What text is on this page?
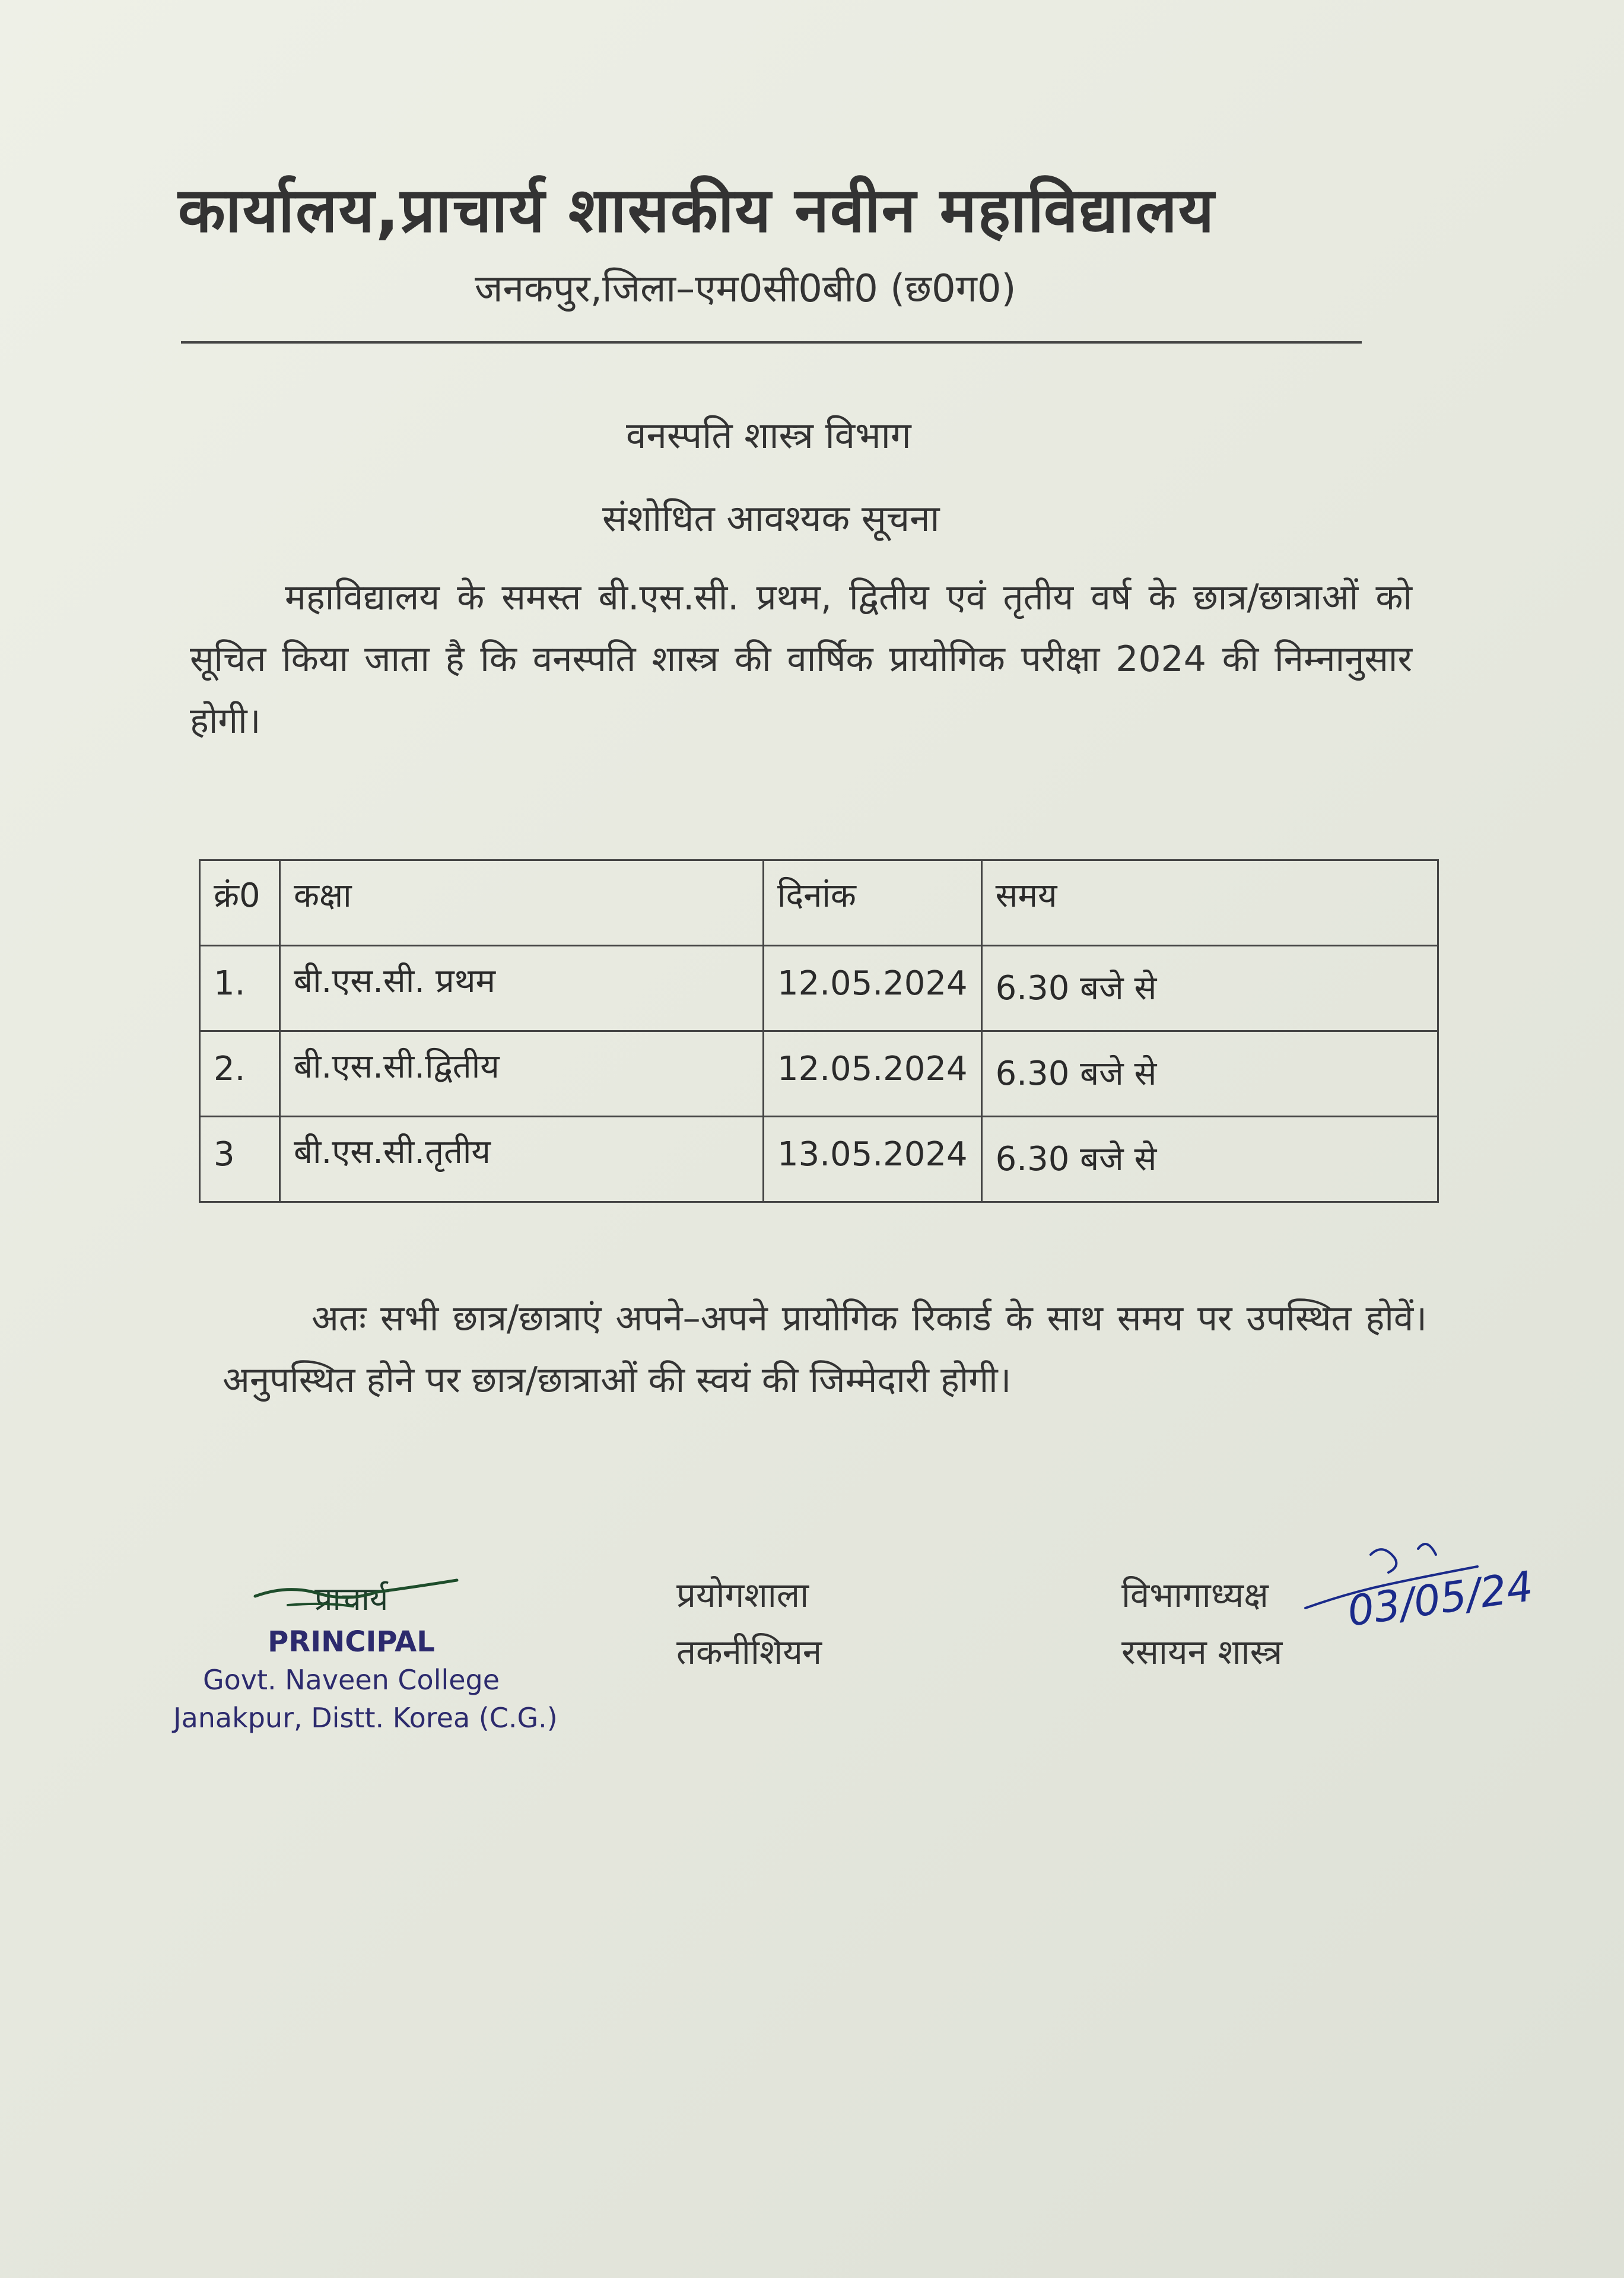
कार्यालय,प्राचार्य शासकीय नवीन महाविद्यालय
जनकपुर,जिला–एम0सी0बी0 (छ0ग0)
वनस्पति शास्त्र विभाग
संशोधित आवश्यक सूचना
महाविद्यालय के समस्त बी.एस.सी. प्रथम, द्वितीय एवं तृतीय वर्ष के छात्र/छात्राओं को सूचित किया जाता है कि वनस्पति शास्त्र की वार्षिक प्रायोगिक परीक्षा 2024 की निम्नानुसार होगी।
क्रं0	कक्षा	दिनांक	समय
1.	बी.एस.सी. प्रथम	12.05.2024	6.30 बजे से
2.	बी.एस.सी.द्वितीय	12.05.2024	6.30 बजे से
3	बी.एस.सी.तृतीय	13.05.2024	6.30 बजे से
अतः सभी छात्र/छात्राएं अपने–अपने प्रायोगिक रिकार्ड के साथ समय पर उपस्थित होवें। अनुपस्थित होने पर छात्र/छात्राओं की स्वयं की जिम्मेदारी होगी।
प्राचार्य
PRINCIPAL
Govt. Naveen College
Janakpur, Distt. Korea (C.G.)
प्रयोगशाला
तकनीशियन
विभागाध्यक्ष
रसायन शास्त्र
03/05/24
